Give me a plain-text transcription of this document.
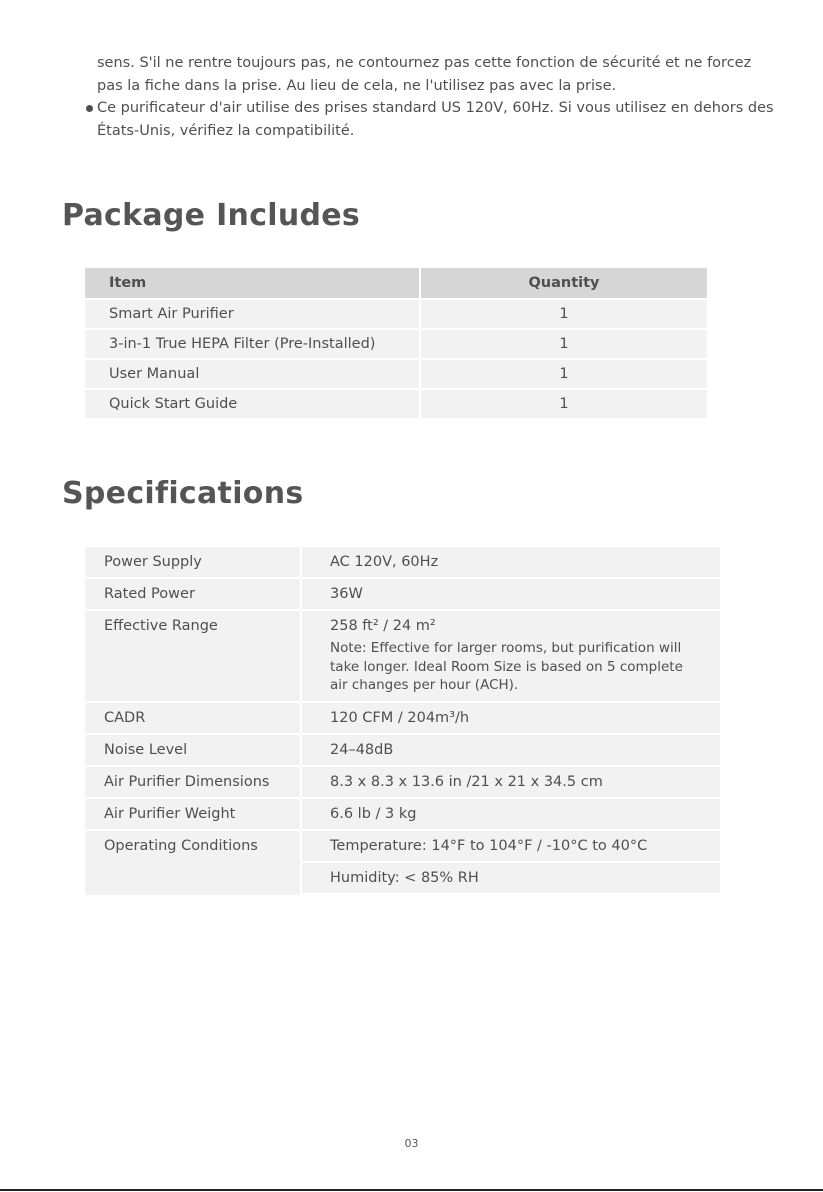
sens. S'il ne rentre toujours pas, ne contournez pas cette fonction de sécurité et ne forcez

pas la fiche dans la prise. Au lieu de cela, ne l'utilisez pas avec la prise.

Ce purificateur d'air utilise des prises standard US 120V, 60Hz. Si vous utilisez en dehors des États-Unis, vérifiez la compatibilité.

Package Includes
Item	Quantity
Smart Air Purifier	1
3-in-1 True HEPA Filter (Pre-Installed)	1
User Manual	1
Quick Start Guide	1
Specifications
Power Supply	AC 120V, 60Hz
Rated Power	36W
Effective Range	258 ft² / 24 m²
Note: Effective for larger rooms, but purification will take longer. Ideal Room Size is based on 5 complete air changes per hour (ACH).

CADR	120 CFM / 204m³/h
Noise Level	24–48dB
Air Purifier Dimensions	8.3 x 8.3 x 13.6 in /21 x 21 x 34.5 cm
Air Purifier Weight	6.6 lb / 3 kg
Operating Conditions	Temperature: 14°F to 104°F / -10°C to 40°C
	Humidity: < 85% RH
03
